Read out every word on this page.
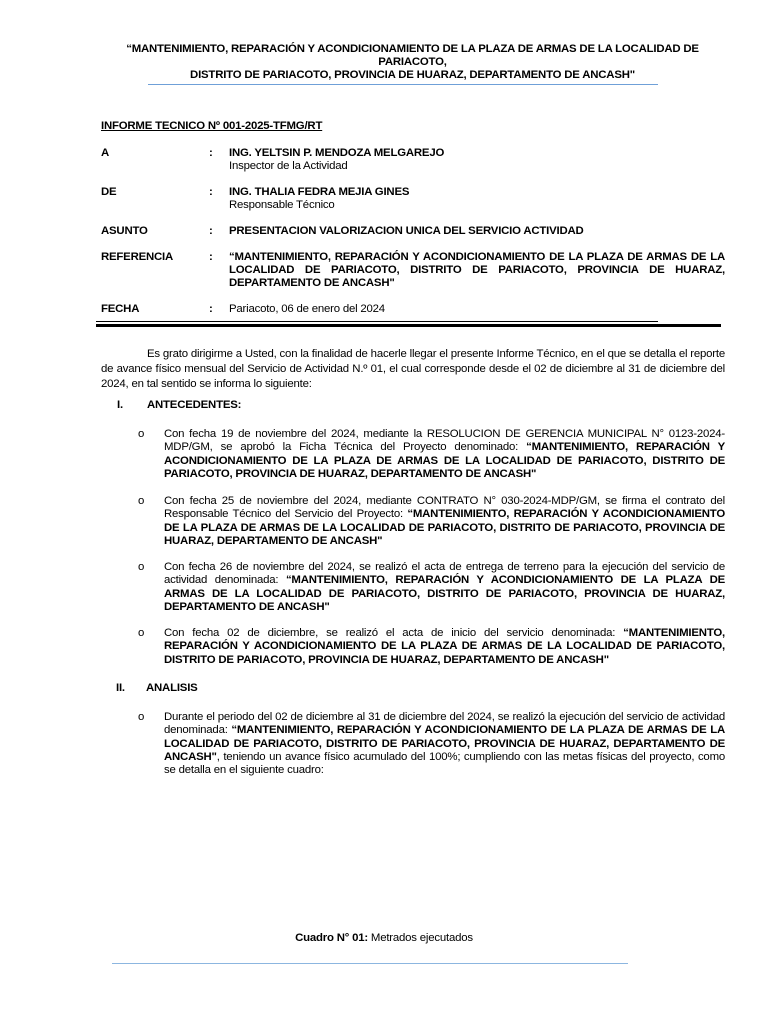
“MANTENIMIENTO, REPARACIÓN Y ACONDICIONAMIENTO DE LA PLAZA DE ARMAS DE LA LOCALIDAD DE PARIACOTO,
DISTRITO DE PARIACOTO, PROVINCIA DE HUARAZ, DEPARTAMENTO DE ANCASH"
INFORME TECNICO Nº 001-2025-TFMG/RT
A	: ING. YELTSIN P. MENDOZA MELGAREJO
Inspector de la Actividad
DE	: ING. THALIA FEDRA MEJIA GINES
Responsable Técnico
ASUNTO	: PRESENTACION VALORIZACION UNICA DEL SERVICIO ACTIVIDAD
REFERENCIA	: “MANTENIMIENTO, REPARACIÓN Y ACONDICIONAMIENTO DE LA PLAZA DE ARMAS DE LA LOCALIDAD DE PARIACOTO, DISTRITO DE PARIACOTO, PROVINCIA DE HUARAZ, DEPARTAMENTO DE ANCASH"
FECHA	: Pariacoto, 06 de enero del 2024
Es grato dirigirme a Usted, con la finalidad de hacerle llegar el presente Informe Técnico, en el que se detalla el reporte de avance físico mensual del Servicio de Actividad N.º 01, el cual corresponde desde el 02 de diciembre al 31 de diciembre del 2024, en tal sentido se informa lo siguiente:
I. ANTECEDENTES:
o Con fecha 19 de noviembre del 2024, mediante la RESOLUCION DE GERENCIA MUNICIPAL N° 0123-2024-MDP/GM, se aprobó la Ficha Técnica del Proyecto denominado: “MANTENIMIENTO, REPARACIÓN Y ACONDICIONAMIENTO DE LA PLAZA DE ARMAS DE LA LOCALIDAD DE PARIACOTO, DISTRITO DE PARIACOTO, PROVINCIA DE HUARAZ, DEPARTAMENTO DE ANCASH"
o Con fecha 25 de noviembre del 2024, mediante CONTRATO N° 030-2024-MDP/GM, se firma el contrato del Responsable Técnico del Servicio del Proyecto: “MANTENIMIENTO, REPARACIÓN Y ACONDICIONAMIENTO DE LA PLAZA DE ARMAS DE LA LOCALIDAD DE PARIACOTO, DISTRITO DE PARIACOTO, PROVINCIA DE HUARAZ, DEPARTAMENTO DE ANCASH"
o Con fecha 26 de noviembre del 2024, se realizó el acta de entrega de terreno para la ejecución del servicio de actividad denominada: “MANTENIMIENTO, REPARACIÓN Y ACONDICIONAMIENTO DE LA PLAZA DE ARMAS DE LA LOCALIDAD DE PARIACOTO, DISTRITO DE PARIACOTO, PROVINCIA DE HUARAZ, DEPARTAMENTO DE ANCASH"
o Con fecha 02 de diciembre, se realizó el acta de inicio del servicio denominada: “MANTENIMIENTO, REPARACIÓN Y ACONDICIONAMIENTO DE LA PLAZA DE ARMAS DE LA LOCALIDAD DE PARIACOTO, DISTRITO DE PARIACOTO, PROVINCIA DE HUARAZ, DEPARTAMENTO DE ANCASH"
II. ANALISIS
o Durante el periodo del 02 de diciembre al 31 de diciembre del 2024, se realizó la ejecución del servicio de actividad denominada: “MANTENIMIENTO, REPARACIÓN Y ACONDICIONAMIENTO DE LA PLAZA DE ARMAS DE LA LOCALIDAD DE PARIACOTO, DISTRITO DE PARIACOTO, PROVINCIA DE HUARAZ, DEPARTAMENTO DE ANCASH", teniendo un avance físico acumulado del 100%; cumpliendo con las metas físicas del proyecto, como se detalla en el siguiente cuadro:
Cuadro N° 01: Metrados ejecutados
